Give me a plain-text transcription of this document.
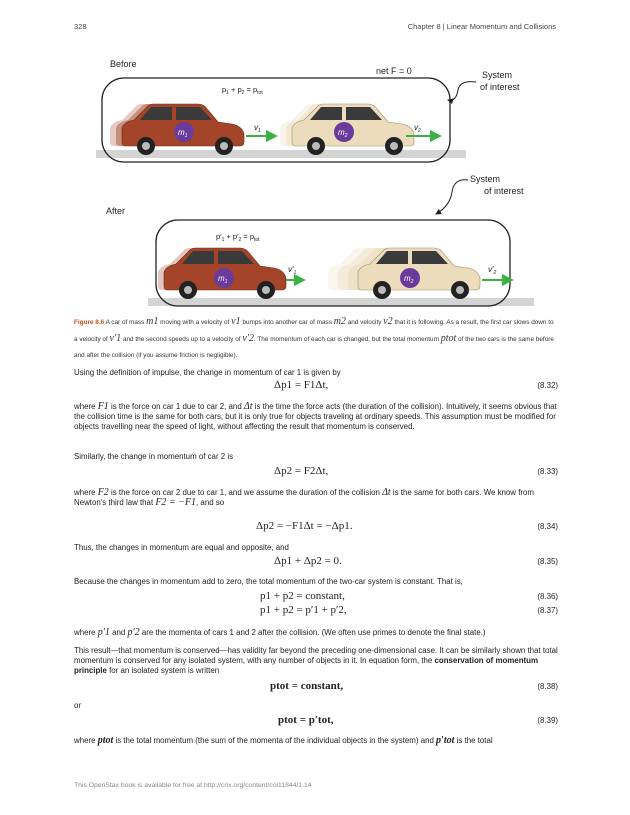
328	Chapter 8 | Linear Momentum and Collisions
Before
net F = 0
$p_1 + p_2 = p_{tot}$
$m_1$
$v_1$	$m_2$
$v_2$
System
of interest
System
of interest
After
$p'_1 + p'_2 = p_{tot}$
$m_1$
$v'_1$
$m_2$
$v'_2$
Figure 8.6 A car of mass m1 moving with a velocity of v1 bumps into another car of mass m2 and velocity v2 that it is following. As a result, the first car slows down to a velocity of v′1 and the second speeds up to a velocity of v′2. The momentum of each car is changed, but the total momentum ptot of the two cars is the same before and after the collision (if you assume friction is negligible).
Using the definition of impulse, the change in momentum of car 1 is given by
Δp1 = F1Δt,	(8.32)
where F1 is the force on car 1 due to car 2, and Δt is the time the force acts (the duration of the collision). Intuitively, it seems obvious that the collision time is the same for both cars, but it is only true for objects traveling at ordinary speeds. This assumption must be modified for objects travelling near the speed of light, without affecting the result that momentum is conserved.
Similarly, the change in momentum of car 2 is
Δp2 = F2Δt,	(8.33)
where F2 is the force on car 2 due to car 1, and we assume the duration of the collision Δt is the same for both cars. We know from Newton's third law that F2 = −F1, and so
Δp2 = −F1Δt = −Δp1.	(8.34)
Thus, the changes in momentum are equal and opposite, and
Δp1 + Δp2 = 0.	(8.35)
Because the changes in momentum add to zero, the total momentum of the two-car system is constant. That is,
p1 + p2 = constant,	(8.36)
p1 + p2 = p′1 + p′2,	(8.37)
where p′1 and p′2 are the momenta of cars 1 and 2 after the collision. (We often use primes to denote the final state.)
This result—that momentum is conserved—has validity far beyond the preceding one-dimensional case. It can be similarly shown that total momentum is conserved for any isolated system, with any number of objects in it. In equation form, the conservation of momentum principle for an isolated system is written
ptot = constant,	(8.38)
or
ptot = p′tot,	(8.39)
where ptot is the total momentum (the sum of the momenta of the individual objects in the system) and p′tot is the total
This OpenStax book is available for free at http://cnx.org/content/col11844/1.14
